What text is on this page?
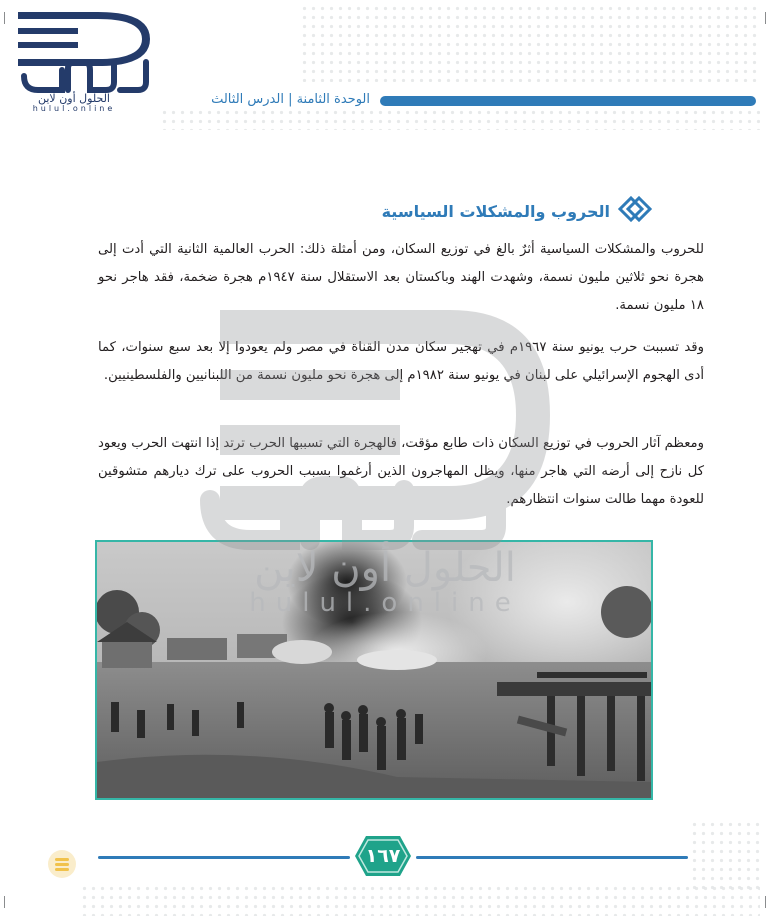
الوحدة الثامنة | الدرس الثالث
الحلول أون لاين
hulul.online
الحروب والمشكلات السياسية

للحروب والمشكلات السياسية أثرٌ بالغ في توزيع السكان، ومن أمثلة ذلك: الحرب العالمية الثانية التي أدت إلى هجرة نحو ثلاثين مليون نسمة، وشهدت الهند وباكستان بعد الاستقلال سنة ١٩٤٧م هجرة ضخمة، فقد هاجر نحو ١٨ مليون نسمة.

وقد تسببت حرب يونيو سنة ١٩٦٧م في تهجير سكان مدن القناة في مصر ولم يعودوا إلا بعد سبع سنوات، كما أدى الهجوم الإسرائيلي على لبنان في يونيو سنة ١٩٨٢م إلى هجرة نحو مليون نسمة من اللبنانيين والفلسطينيين.

ومعظم آثار الحروب في توزيع السكان ذات طابع مؤقت، فالهجرة التي تسببها الحرب ترتد إذا انتهت الحرب ويعود كل نازح إلى أرضه التي هاجر منها، ويظل المهاجرون الذين أرغموا بسبب الحروب على ترك ديارهم متشوقين للعودة مهما طالت سنوات انتظارهم.

الحلول أون لاين
hulul.online
١٦٧
